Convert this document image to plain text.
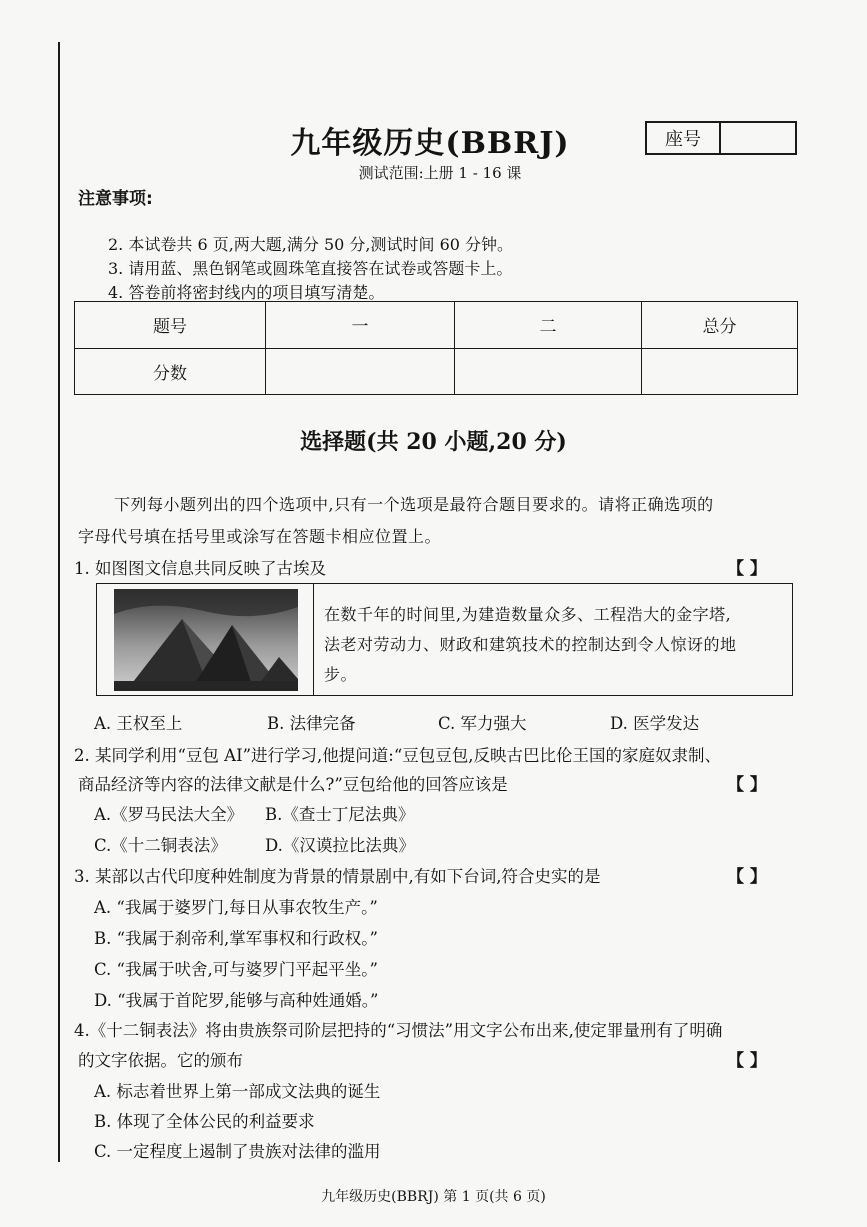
九年级历史(BBRJ)	座号
测试范围:上册 1 - 16 课
注意事项:
2. 本试卷共 6 页,两大题,满分 50 分,测试时间 60 分钟。
3. 请用蓝、黑色钢笔或圆珠笔直接答在试卷或答题卡上。
4. 答卷前将密封线内的项目填写清楚。
题号	一	二	总分
分数			
选择题(共 20 小题,20 分)
下列每小题列出的四个选项中,只有一个选项是最符合题目要求的。请将正确选项的
字母代号填在括号里或涂写在答题卡相应位置上。
1. 如图图文信息共同反映了古埃及	【 】
在数千年的时间里,为建造数量众多、工程浩大的金字塔,
法老对劳动力、财政和建筑技术的控制达到令人惊讶的地
步。
A. 王权至上	B. 法律完备	C. 军力强大	D. 医学发达
2. 某同学利用“豆包 AI”进行学习,他提问道:“豆包豆包,反映古巴比伦王国的家庭奴隶制、
商品经济等内容的法律文献是什么?”豆包给他的回答应该是	【 】
A.《罗马民法大全》 B.《查士丁尼法典》
C.《十二铜表法》 D.《汉谟拉比法典》
3. 某部以古代印度种姓制度为背景的情景剧中,有如下台词,符合史实的是	【 】
A. “我属于婆罗门,每日从事农牧生产。”
B. “我属于刹帝利,掌军事权和行政权。”
C. “我属于吠舍,可与婆罗门平起平坐。”
D. “我属于首陀罗,能够与高种姓通婚。”
4.《十二铜表法》将由贵族祭司阶层把持的“习惯法”用文字公布出来,使定罪量刑有了明确
的文字依据。它的颁布	【 】
A. 标志着世界上第一部成文法典的诞生
B. 体现了全体公民的利益要求
C. 一定程度上遏制了贵族对法律的滥用
九年级历史(BBRJ) 第 1 页(共 6 页)
